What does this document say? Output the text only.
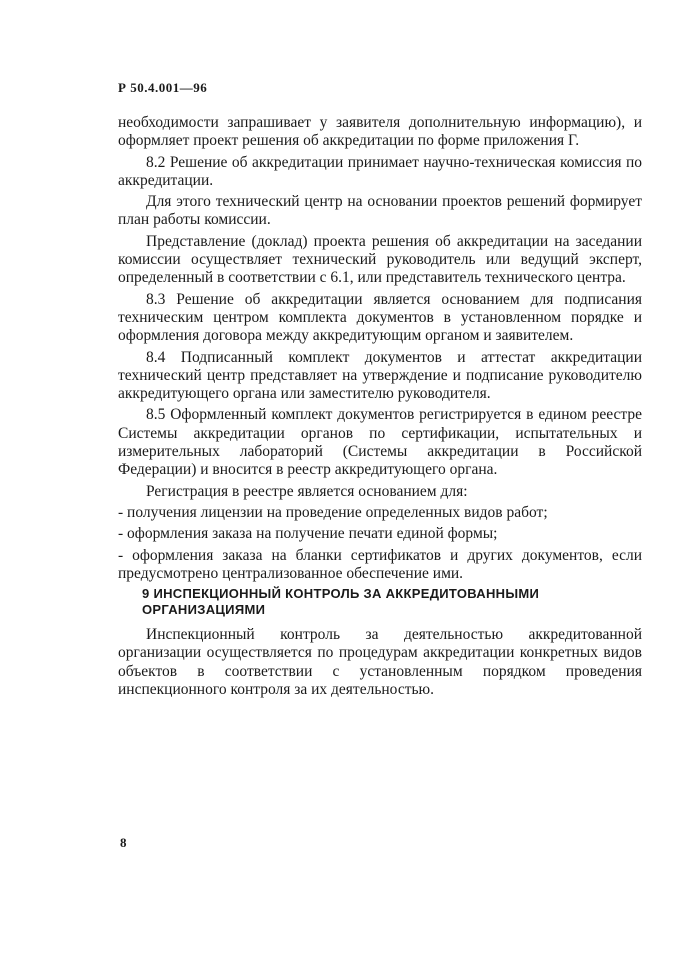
Р 50.4.001—96

необходимости запрашивает у заявителя дополнительную информацию), и оформляет проект решения об аккредитации по форме приложения Г.

8.2 Решение об аккредитации принимает научно-техническая комиссия по аккредитации.

Для этого технический центр на основании проектов решений формирует план работы комиссии.

Представление (доклад) проекта решения об аккредитации на заседании комиссии осуществляет технический руководитель или ведущий эксперт, определенный в соответствии с 6.1, или представитель технического центра.

8.3 Решение об аккредитации является основанием для подписания техническим центром комплекта документов в установленном порядке и оформления договора между аккредитующим органом и заявителем.

8.4 Подписанный комплект документов и аттестат аккредитации технический центр представляет на утверждение и подписание руководителю аккредитующего органа или заместителю руководителя.

8.5 Оформленный комплект документов регистрируется в едином реестре Системы аккредитации органов по сертификации, испытательных и измерительных лабораторий (Системы аккредитации в Российской Федерации) и вносится в реестр аккредитующего органа.

Регистрация в реестре является основанием для:

- получения лицензии на проведение определенных видов работ;

- оформления заказа на получение печати единой формы;

- оформления заказа на бланки сертификатов и других документов, если предусмотрено централизованное обеспечение ими.

9 ИНСПЕКЦИОННЫЙ КОНТРОЛЬ ЗА АККРЕДИТОВАННЫМИ ОРГАНИЗАЦИЯМИ

Инспекционный контроль за деятельностью аккредитованной организации осуществляется по процедурам аккредитации конкретных видов объектов в соответствии с установленным порядком проведения инспекционного контроля за их деятельностью.

8
